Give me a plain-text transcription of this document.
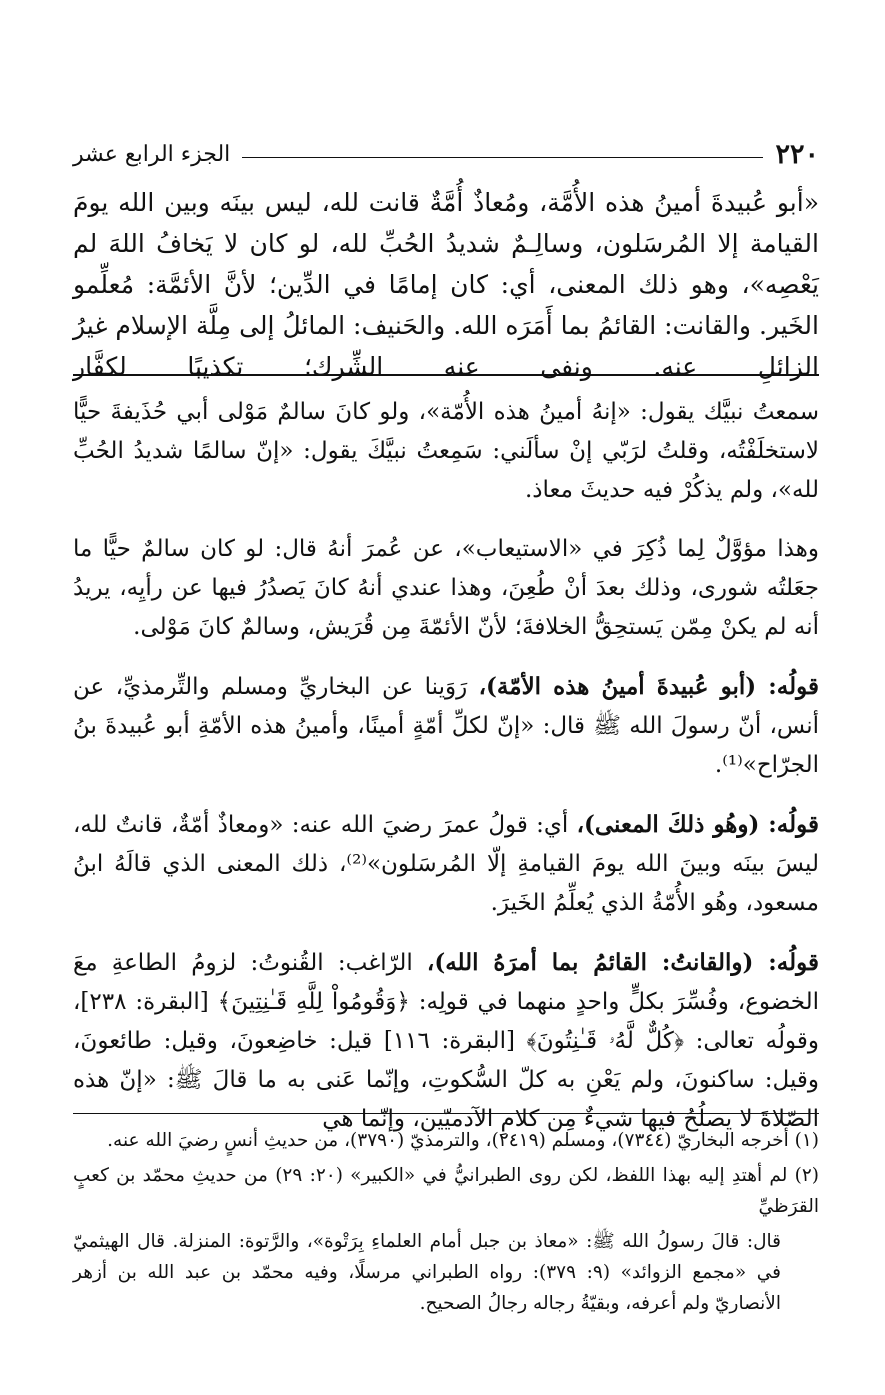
٢٢٠
الجزء الرابع عشر

«أبو عُبيدةَ أمينُ هذه الأُمَّة، ومُعاذٌ أُمَّةٌ قانت لله، ليس بينَه وبين الله يومَ القيامة إلا المُرسَلون، وسالِـمٌ شديدُ الحُبِّ لله، لو كان لا يَخافُ اللهَ لم يَعْصِه»، وهو ذلك المعنى، أي: كان إمامًا في الدِّين؛ لأنَّ الأئمَّة: مُعلِّمو الخَير. والقانت: القائمُ بما أَمَرَه الله. والحَنيف: المائلُ إلى مِلَّة الإسلام غيرُ الزائلِ عنه. ونفى عنه الشِّرك؛ تكذيبًا لكفَّار

سمعتُ نبيَّك يقول: «إنهُ أمينُ هذه الأُمّة»، ولو كانَ سالمٌ مَوْلى أبي حُذَيفةَ حيًّا لاستخلَفْتُه، وقلتُ لرَبّي إنْ سألَني: سَمِعتُ نبيَّكَ يقول: «إنّ سالمًا شديدُ الحُبِّ لله»، ولم يذكُرْ فيه حديثَ معاذ.

وهذا مؤوَّلٌ لِما ذُكِرَ في «الاستيعاب»، عن عُمرَ أنهُ قال: لو كان سالمٌ حيًّا ما جعَلتُه شورى، وذلك بعدَ أنْ طُعِنَ، وهذا عندي أنهُ كانَ يَصدُرُ فيها عن رأيِه، يريدُ أنه لم يكنْ مِمّن يَستحِقُّ الخلافةَ؛ لأنّ الأئمّةَ مِن قُرَيش، وسالمٌ كانَ مَوْلى.

قولُه: (أبو عُبيدةَ أمينُ هذه الأمّة)، رَوَينا عن البخاريِّ ومسلم والتِّرمذيِّ، عن أنس، أنّ رسولَ الله ﷺ قال: «إنّ لكلِّ أمّةٍ أمينًا، وأمينُ هذه الأمّةِ أبو عُبيدةَ بنُ الجرّاح»⁽¹⁾.

قولُه: (وهُو ذلكَ المعنى)، أي: قولُ عمرَ رضيَ الله عنه: «ومعاذٌ أمّةٌ، قانتٌ لله، ليسَ بينَه وبينَ الله يومَ القيامةِ إلّا المُرسَلون»⁽²⁾، ذلك المعنى الذي قالَهُ ابنُ مسعود، وهُو الأُمّةُ الذي يُعلِّمُ الخَيرَ.

قولُه: (والقانتُ: القائمُ بما أمرَهُ الله)، الرّاغب: القُنوتُ: لزومُ الطاعةِ معَ الخضوع، وفُسِّرَ بكلٍّ واحدٍ منهما في قولِه: ﴿وَقُومُواْ لِلَّهِ قَـٰنِتِينَ﴾ [البقرة: ٢٣٨]، وقولُه تعالى: ﴿كُلٌّ لَّهُۥ قَـٰنِتُونَ﴾ [البقرة: ١١٦] قيل: خاضِعونَ، وقيل: طائعونَ، وقيل: ساكنونَ، ولم يَعْنِ به كلّ السُّكوتِ، وإنّما عَنى به ما قالَ ﷺ: «إنّ هذه الصّلاةَ لا يصلُحُ فيها شيءٌ مِن كلامِ الآدميّين، وإنّما هي

(١) أخرجه البخاريّ (٧٣٤٤)، ومسلم (٢٤١٩)، والترمذيّ (٣٧٩٠)، من حديثِ أنسٍ رضيَ الله عنه.

(٢) لم أهتدِ إليه بهذا اللفظ، لكن روى الطبرانيُّ في «الكبير» (٢٠: ٢٩) من حديثِ محمّد بن كعبٍ القرَظيِّ

قال: قالَ رسولُ الله ﷺ: «معاذ بن جبل أمام العلماءِ بِرَتْوة»، والرَّتوة: المنزلة. قال الهيثميّ في «مجمع الزوائد» (٩: ٣٧٩): رواه الطبراني مرسلًا، وفيه محمّد بن عبد الله بن أزهر الأنصاريّ ولم أعرفه، وبقيّةُ رجاله رجالُ الصحيح.
